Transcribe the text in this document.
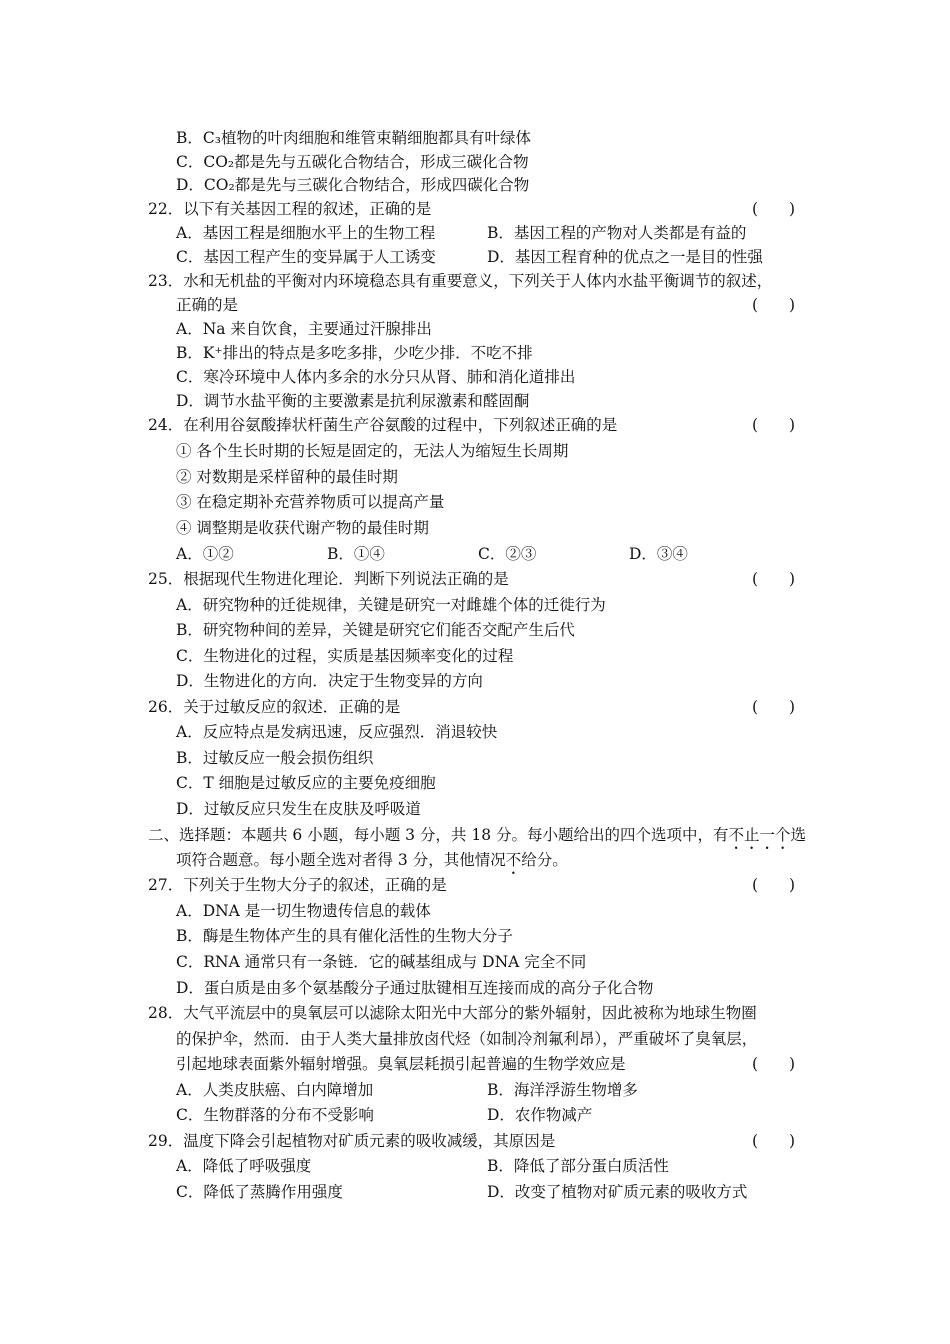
B．C₃植物的叶肉细胞和维管束鞘细胞都具有叶绿体
C．CO₂都是先与五碳化合物结合，形成三碳化合物
D．CO₂都是先与三碳化合物结合，形成四碳化合物
22．以下有关基因工程的叙述，正确的是	(　　)
A．基因工程是细胞水平上的生物工程	B．基因工程的产物对人类都是有益的
C．基因工程产生的变异属于人工诱变	D．基因工程育种的优点之一是目的性强
23．水和无机盐的平衡对内环境稳态具有重要意义，下列关于人体内水盐平衡调节的叙述，
正确的是	(　　)
A．Na 来自饮食，主要通过汗腺排出
B．K⁺排出的特点是多吃多排，少吃少排．不吃不排
C．寒冷环境中人体内多余的水分只从肾、肺和消化道排出
D．调节水盐平衡的主要激素是抗利尿激素和醛固酮
24．在利用谷氨酸捧状杆菌生产谷氨酸的过程中，下列叙述正确的是	(　　)
① 各个生长时期的长短是固定的，无法人为缩短生长周期
② 对数期是采样留种的最佳时期
③ 在稳定期补充营养物质可以提高产量
④ 调整期是收获代谢产物的最佳时期
A．①②	B．①④	C．②③	D．③④
25．根据现代生物进化理论．判断下列说法正确的是	(　　)
A．研究物种的迁徙规律，关键是研究一对雌雄个体的迁徙行为
B．研究物种间的差异，关键是研究它们能否交配产生后代
C．生物进化的过程，实质是基因频率变化的过程
D．生物进化的方向．决定于生物变异的方向
26．关于过敏反应的叙述．正确的是	(　　)
A．反应特点是发病迅速，反应强烈．消退较快
B．过敏反应一般会损伤组织
C．T 细胞是过敏反应的主要免疫细胞
D．过敏反应只发生在皮肤及呼吸道
二、选择题：本题共 6 小题，每小题 3 分，共 18 分。每小题给出的四个选项中，有不止一个选
项符合题意。每小题全选对者得 3 分，其他情况不给分。
27．下列关于生物大分子的叙述，正确的是	(　　)
A．DNA 是一切生物遗传信息的载体
B．酶是生物体产生的具有催化活性的生物大分子
C．RNA 通常只有一条链．它的碱基组成与 DNA 完全不同
D．蛋白质是由多个氨基酸分子通过肽键相互连接而成的高分子化合物
28．大气平流层中的臭氧层可以滤除太阳光中大部分的紫外辐射，因此被称为地球生物圈
的保护伞，然而．由于人类大量排放卤代烃（如制冷剂氟利昂），严重破坏了臭氧层，
引起地球表面紫外辐射增强。臭氧层耗损引起普遍的生物学效应是	(　　)
A．人类皮肤癌、白内障增加	B．海洋浮游生物增多
C．生物群落的分布不受影响	D．农作物减产
29．温度下降会引起植物对矿质元素的吸收减缓，其原因是	(　　)
A．降低了呼吸强度	B．降低了部分蛋白质活性
C．降低了蒸腾作用强度	D．改变了植物对矿质元素的吸收方式
